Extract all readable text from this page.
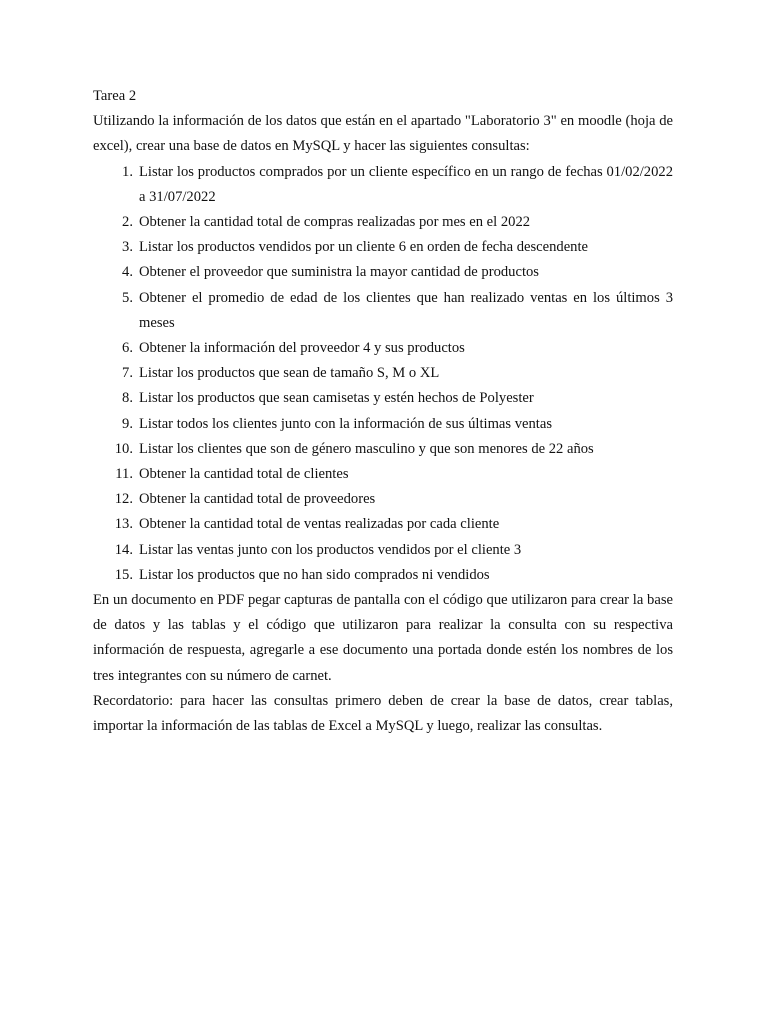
Tarea 2

Utilizando la información de los datos que están en el apartado "Laboratorio 3" en moodle (hoja de excel), crear una base de datos en MySQL y hacer las siguientes consultas:

1. Listar los productos comprados por un cliente específico en un rango de fechas 01/02/2022 a 31/07/2022
2. Obtener la cantidad total de compras realizadas por mes en el 2022
3. Listar los productos vendidos por un cliente 6 en orden de fecha descendente
4. Obtener el proveedor que suministra la mayor cantidad de productos
5. Obtener el promedio de edad de los clientes que han realizado ventas en los últimos 3 meses
6. Obtener la información del proveedor 4 y sus productos
7. Listar los productos que sean de tamaño S, M o XL
8. Listar los productos que sean camisetas y estén hechos de Polyester
9. Listar todos los clientes junto con la información de sus últimas ventas
10. Listar los clientes que son de género masculino y que son menores de 22 años
11. Obtener la cantidad total de clientes
12. Obtener la cantidad total de proveedores
13. Obtener la cantidad total de ventas realizadas por cada cliente
14. Listar las ventas junto con los productos vendidos por el cliente 3
15. Listar los productos que no han sido comprados ni vendidos

En un documento en PDF pegar capturas de pantalla con el código que utilizaron para crear la base de datos y las tablas y el código que utilizaron para realizar la consulta con su respectiva información de respuesta, agregarle a ese documento una portada donde estén los nombres de los tres integrantes con su número de carnet.

Recordatorio: para hacer las consultas primero deben de crear la base de datos, crear tablas, importar la información de las tablas de Excel a MySQL y luego, realizar las consultas.
